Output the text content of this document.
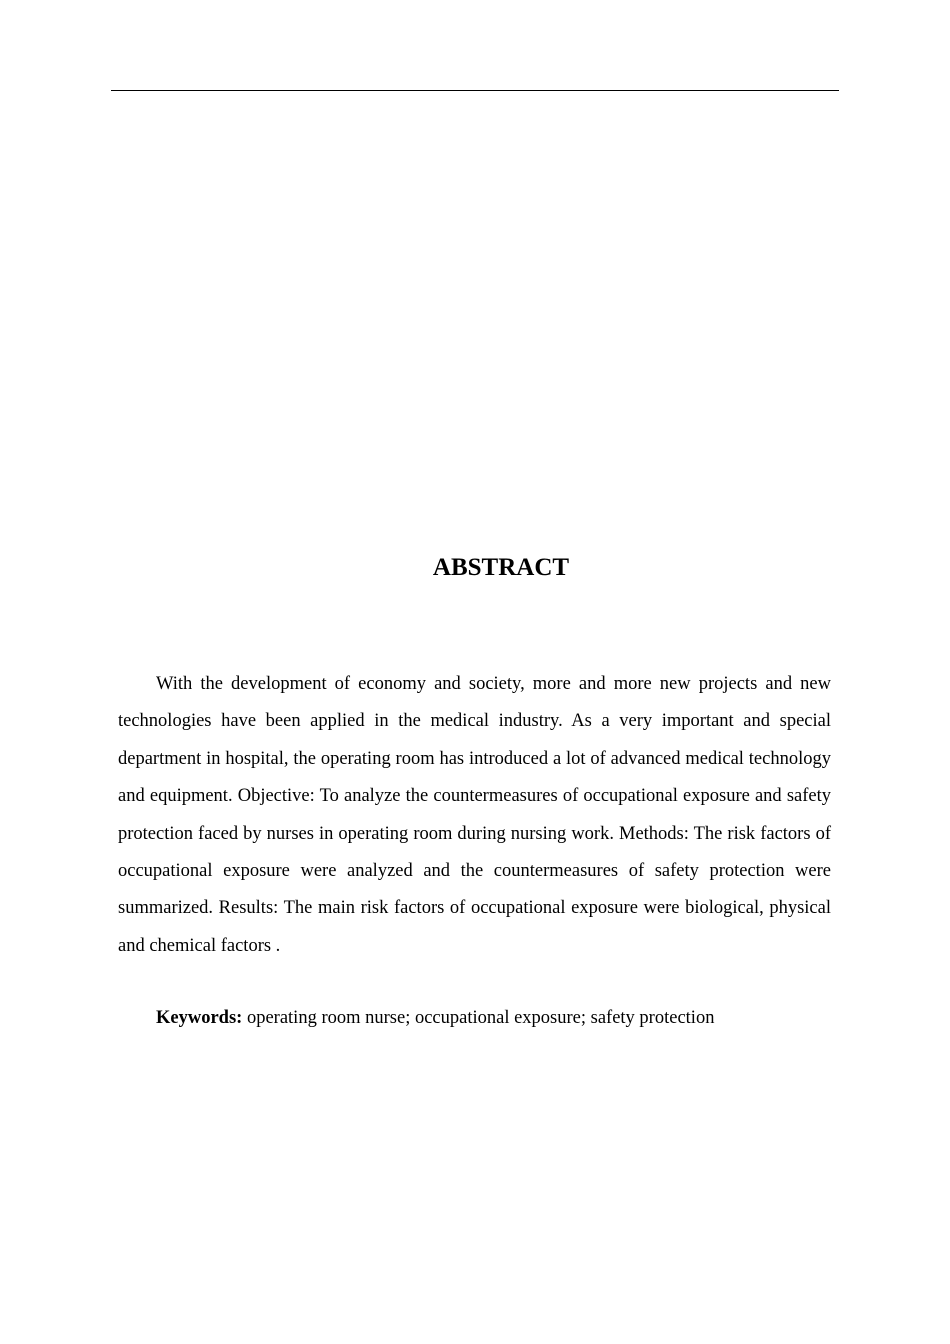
ABSTRACT

With the development of economy and society, more and more new projects and new technologies have been applied in the medical industry. As a very important and special department in hospital, the operating room has introduced a lot of advanced medical technology and equipment. Objective: To analyze the countermeasures of occupational exposure and safety protection faced by nurses in operating room during nursing work. Methods: The risk factors of occupational exposure were analyzed and the countermeasures of safety protection were summarized. Results: The main risk factors of occupational exposure were biological, physical and chemical factors .

Keywords: operating room nurse; occupational exposure; safety protection
